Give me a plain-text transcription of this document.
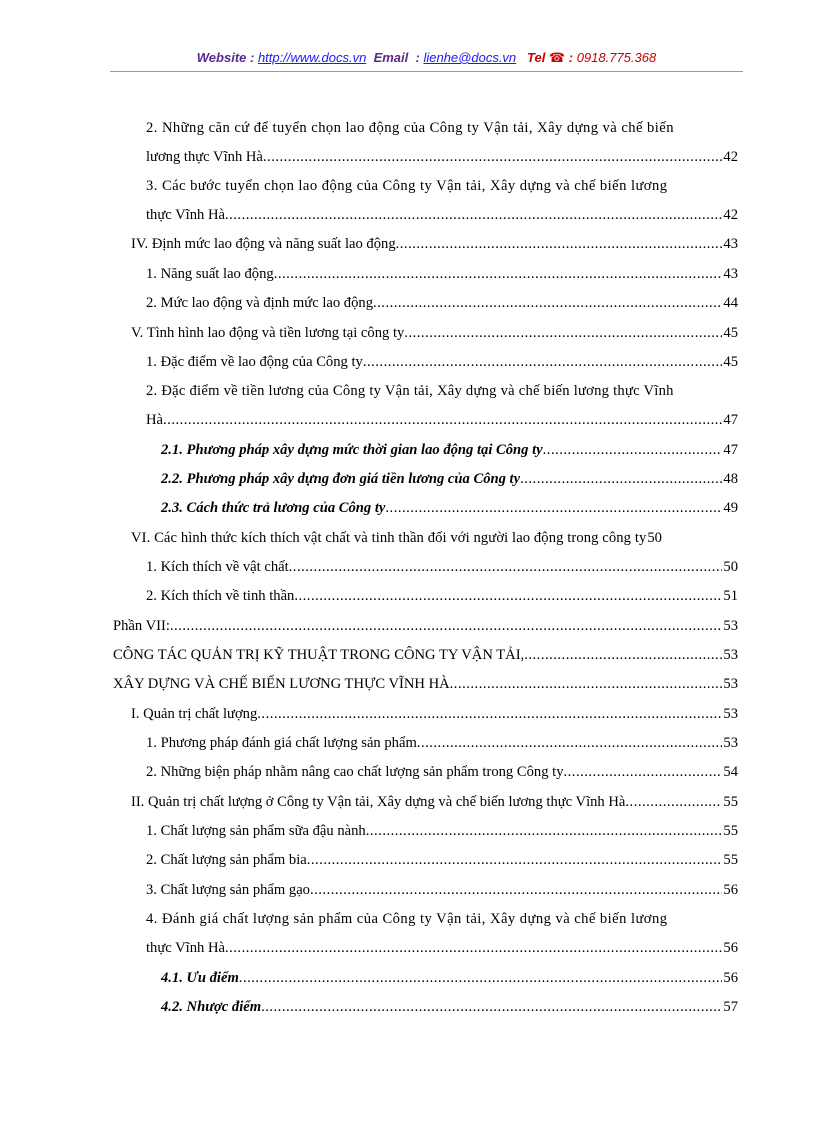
Website : http://www.docs.vn Email : lienhe@docs.vn Tel ☎ : 0918.775.368
2. Những căn cứ để tuyển chọn lao động của Công ty Vận tải, Xây dựng và chế biến
lương thực Vĩnh Hà .....	42
3. Các bước tuyển chọn lao động của Công ty Vận tải, Xây dựng và chế biến lương
thực Vĩnh Hà .....	42
IV. Định mức lao động và năng suất lao động .....	43
1. Năng suất lao động .....	43
2. Mức lao động và định mức lao động .....	44
V. Tình hình lao động và tiền lương tại công ty .....	45
1. Đặc điểm về lao động của Công ty .....	45
2. Đặc điểm về tiền lương của Công ty Vận tải, Xây dựng và chế biến lương thực Vĩnh
Hà .....	47
2.1. Phương pháp xây dựng mức thời gian lao động tại Công ty .....	47
2.2. Phương pháp xây dựng đơn giá tiền lương của Công ty .....	48
2.3. Cách thức trả lương của Công ty .....	49
VI. Các hình thức kích thích vật chất và tinh thần đối với người lao động trong công ty 50
1. Kích thích về vật chất .....	50
2. Kích thích về tinh thần .....	51
Phần VII: .....	53
CÔNG TÁC QUẢN TRỊ KỸ THUẬT TRONG CÔNG TY VẬN TẢI, .....	53
XÂY DỰNG VÀ CHẾ BIẾN LƯƠNG THỰC VĨNH HÀ .....	53
I. Quản trị chất lượng .....	53
1. Phương pháp đánh giá chất lượng sản phẩm .....	53
2. Những biện pháp nhằm nâng cao chất lượng sản phẩm trong Công ty .....	54
II. Quản trị chất lượng ở Công ty Vận tải, Xây dựng và chế biến lương thực Vĩnh Hà .....	55
1. Chất lượng sản phẩm sữa đậu nành .....	55
2. Chất lượng sản phẩm bia .....	55
3. Chất lượng sản phẩm gạo .....	56
4. Đánh giá chất lượng sản phẩm của Công ty Vận tải, Xây dựng và chế biến lương
thực Vĩnh Hà .....	56
4.1. Ưu điểm .....	56
4.2. Nhược điểm .....	57
